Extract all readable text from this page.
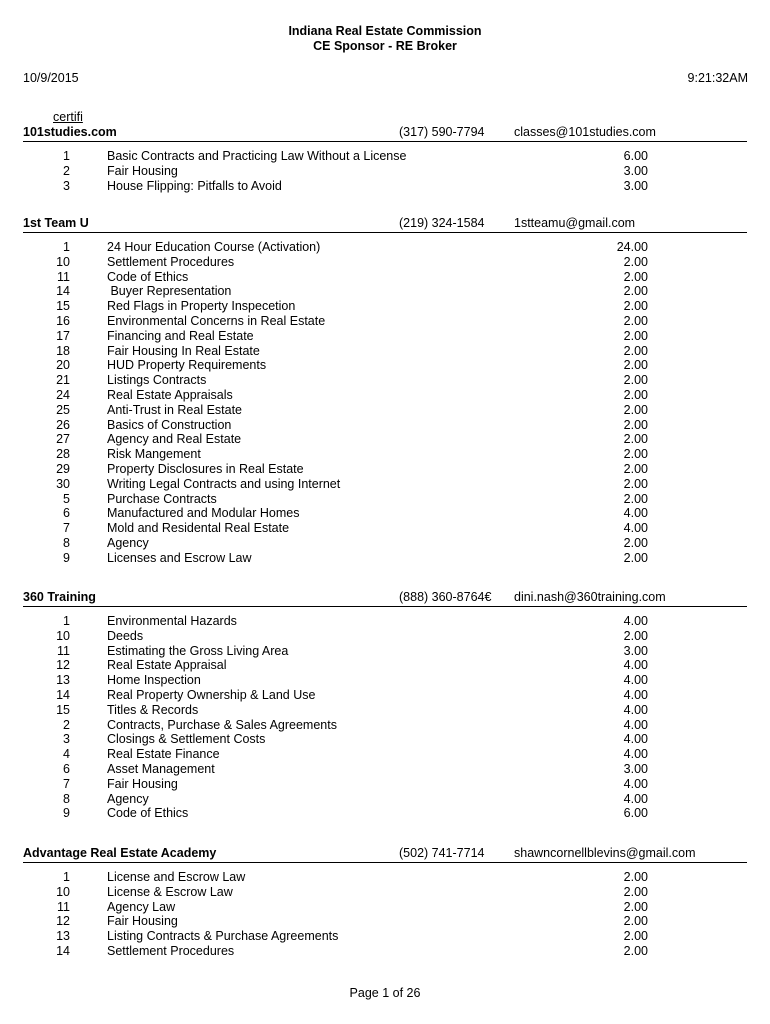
Indiana Real Estate Commission
CE Sponsor - RE Broker
10/9/2015	9:21:32AM
certifi
101studies.com	(317) 590-7794	classes@101studies.com
1	Basic Contracts and Practicing Law Without a License	6.00
2	Fair Housing	3.00
3	House Flipping: Pitfalls to Avoid	3.00
1st Team U	(219) 324-1584	1stteamu@gmail.com
1	24 Hour Education Course (Activation)	24.00
10	Settlement Procedures	2.00
11	Code of Ethics	2.00
14	Buyer Representation	2.00
15	Red Flags in Property Inspecetion	2.00
16	Environmental Concerns in Real Estate	2.00
17	Financing and Real Estate	2.00
18	Fair Housing In Real Estate	2.00
20	HUD Property Requirements	2.00
21	Listings Contracts	2.00
24	Real Estate Appraisals	2.00
25	Anti-Trust in Real Estate	2.00
26	Basics of Construction	2.00
27	Agency and Real Estate	2.00
28	Risk Mangement	2.00
29	Property Disclosures in Real Estate	2.00
30	Writing Legal Contracts and using Internet	2.00
5	Purchase Contracts	2.00
6	Manufactured and Modular Homes	4.00
7	Mold and Residental Real Estate	4.00
8	Agency	2.00
9	Licenses and Escrow Law	2.00
360 Training	(888) 360-8764€	dini.nash@360training.com
1	Environmental Hazards	4.00
10	Deeds	2.00
11	Estimating the Gross Living Area	3.00
12	Real Estate Appraisal	4.00
13	Home Inspection	4.00
14	Real Property Ownership & Land Use	4.00
15	Titles & Records	4.00
2	Contracts, Purchase & Sales Agreements	4.00
3	Closings & Settlement Costs	4.00
4	Real Estate Finance	4.00
6	Asset Management	3.00
7	Fair Housing	4.00
8	Agency	4.00
9	Code of Ethics	6.00
Advantage Real Estate Academy	(502) 741-7714	shawncornellblevins@gmail.com
1	License and Escrow Law	2.00
10	License & Escrow Law	2.00
11	Agency Law	2.00
12	Fair Housing	2.00
13	Listing Contracts & Purchase Agreements	2.00
14	Settlement Procedures	2.00
Page 1 of 26
